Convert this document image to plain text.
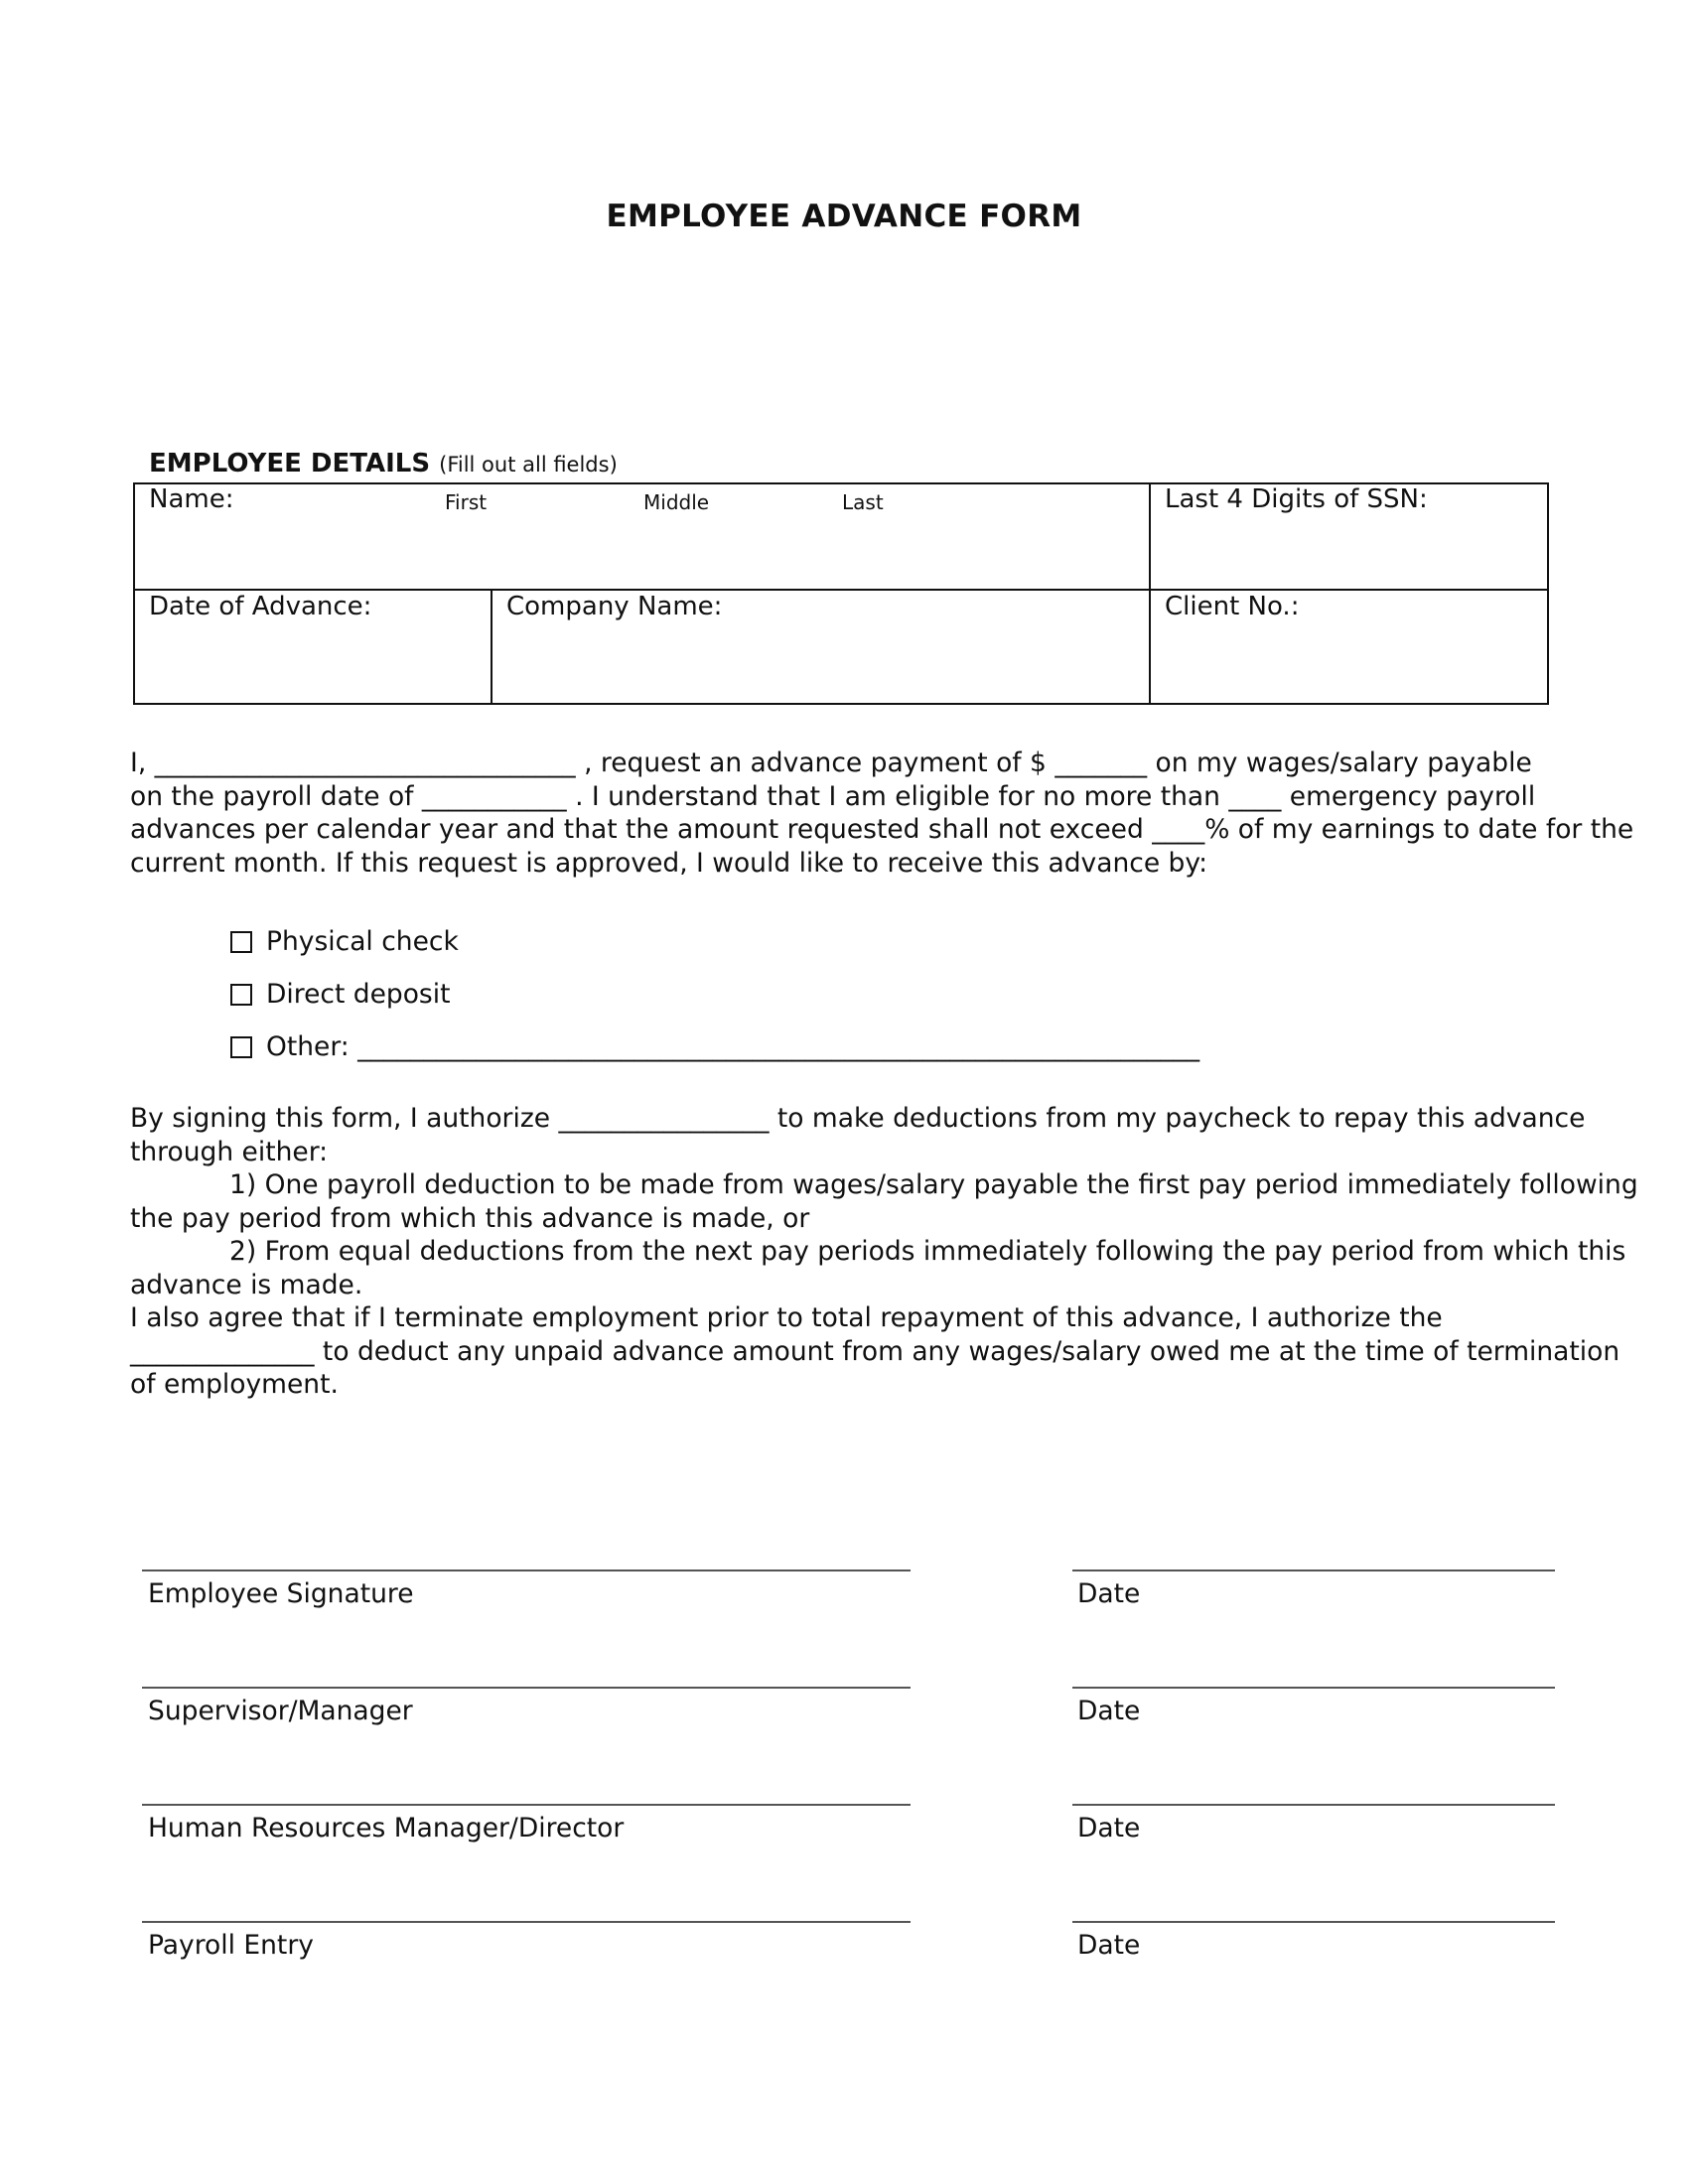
EMPLOYEE ADVANCE FORM
EMPLOYEE DETAILS (Fill out all fields)
Name:	First	Middle	Last	Last 4 Digits of SSN:
Date of Advance:	Company Name:	Client No.:

I, ________________________________ , request an advance payment of $ _______ on my wages/salary payable

on the payroll date of ___________ . I understand that I am eligible for no more than ____ emergency payroll

advances per calendar year and that the amount requested shall not exceed ____% of my earnings to date for the

current month. If this request is approved, I would like to receive this advance by:

Physical check
Direct deposit
Other: ________________________________________________________________

By signing this form, I authorize ________________ to make deductions from my paycheck to repay this advance

through either:

1) One payroll deduction to be made from wages/salary payable the first pay period immediately following

the pay period from which this advance is made, or

2) From equal deductions from the next pay periods immediately following the pay period from which this

advance is made.

I also agree that if I terminate employment prior to total repayment of this advance, I authorize the

______________ to deduct any unpaid advance amount from any wages/salary owed me at the time of termination

of employment.

Employee Signature	Date
Supervisor/Manager	Date
Human Resources Manager/Director	Date
Payroll Entry	Date
